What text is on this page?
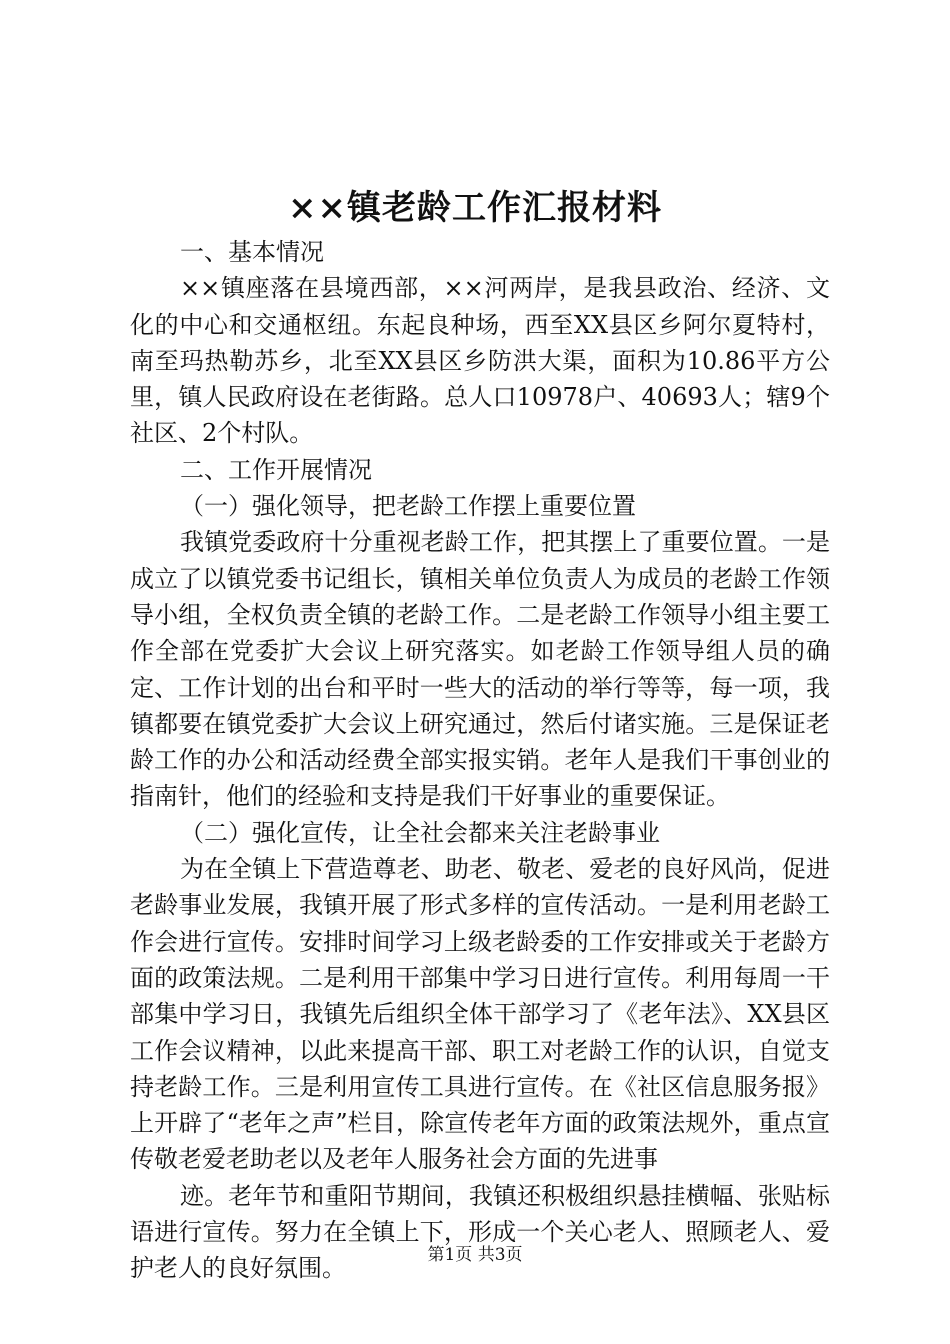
××镇老龄工作汇报材料

一、基本情况

××镇座落在县境西部，××河两岸，是我县政治、经济、文化的中心和交通枢纽。东起良种场，西至XX县区乡阿尔夏特村，南至玛热勒苏乡，北至XX县区乡防洪大渠，面积为10.86平方公里，镇人民政府设在老街路。总人口10978户、40693人；辖9个社区、2个村队。

二、工作开展情况

（一）强化领导，把老龄工作摆上重要位置

我镇党委政府十分重视老龄工作，把其摆上了重要位置。一是成立了以镇党委书记组长，镇相关单位负责人为成员的老龄工作领导小组，全权负责全镇的老龄工作。二是老龄工作领导小组主要工作全部在党委扩大会议上研究落实。如老龄工作领导组人员的确定、工作计划的出台和平时一些大的活动的举行等等，每一项，我镇都要在镇党委扩大会议上研究通过，然后付诸实施。三是保证老龄工作的办公和活动经费全部实报实销。老年人是我们干事创业的指南针，他们的经验和支持是我们干好事业的重要保证。

（二）强化宣传，让全社会都来关注老龄事业

为在全镇上下营造尊老、助老、敬老、爱老的良好风尚，促进老龄事业发展，我镇开展了形式多样的宣传活动。一是利用老龄工作会进行宣传。安排时间学习上级老龄委的工作安排或关于老龄方面的政策法规。二是利用干部集中学习日进行宣传。利用每周一干部集中学习日，我镇先后组织全体干部学习了《老年法》、XX县区工作会议精神，以此来提高干部、职工对老龄工作的认识，自觉支持老龄工作。三是利用宣传工具进行宣传。在《社区信息服务报》上开辟了“老年之声”栏目，除宣传老年方面的政策法规外，重点宣传敬老爱老助老以及老年人服务社会方面的先进事

迹。老年节和重阳节期间，我镇还积极组织悬挂横幅、张贴标语进行宣传。努力在全镇上下，形成一个关心老人、照顾老人、爱护老人的良好氛围。	第1页 共3页
